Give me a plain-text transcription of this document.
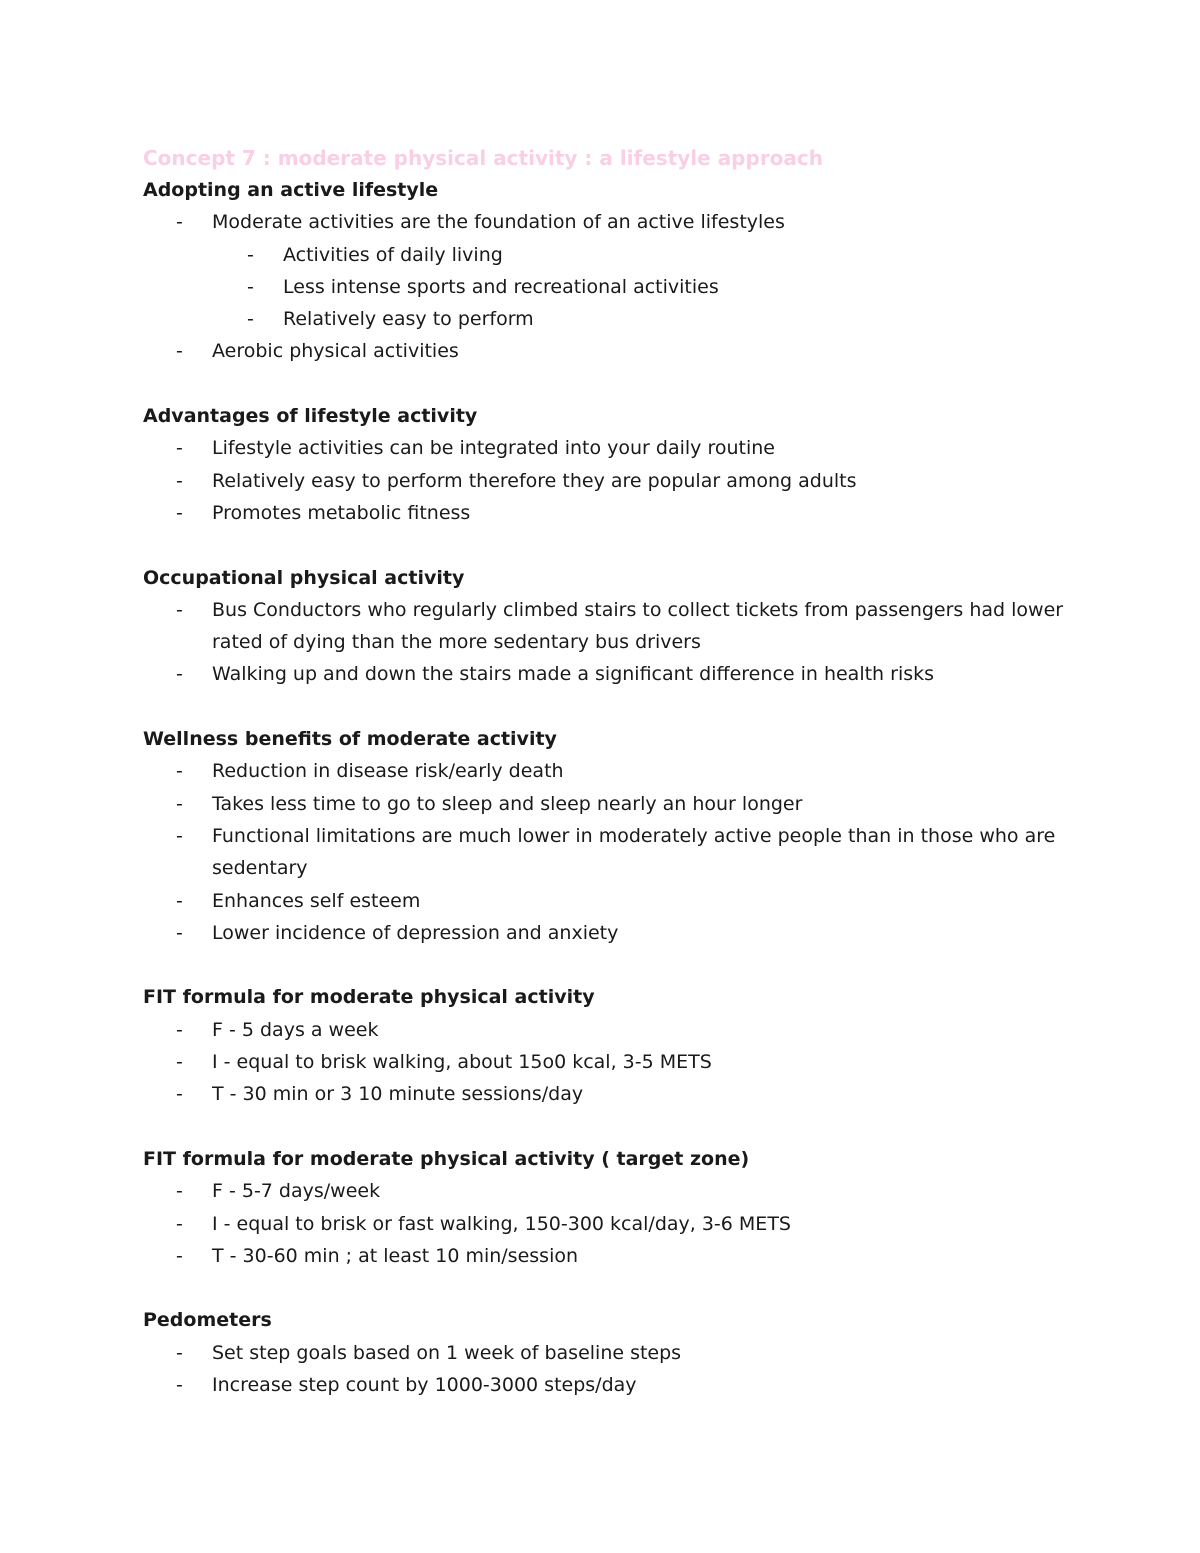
Concept 7 : moderate physical activity : a lifestyle approach
Adopting an active lifestyle
- Moderate activities are the foundation of an active lifestyles
- Activities of daily living
- Less intense sports and recreational activities
- Relatively easy to perform
- Aerobic physical activities
Advantages of lifestyle activity
- Lifestyle activities can be integrated into your daily routine
- Relatively easy to perform therefore they are popular among adults
- Promotes metabolic fitness
Occupational physical activity
- Bus Conductors who regularly climbed stairs to collect tickets from passengers had lower rated of dying than the more sedentary bus drivers
- Walking up and down the stairs made a significant difference in health risks
Wellness benefits of moderate activity
- Reduction in disease risk/early death
- Takes less time to go to sleep and sleep nearly an hour longer
- Functional limitations are much lower in moderately active people than in those who are sedentary
- Enhances self esteem
- Lower incidence of depression and anxiety
FIT formula for moderate physical activity
- F - 5 days a week
- I - equal to brisk walking, about 15o0 kcal, 3-5 METS
- T - 30 min or 3 10 minute sessions/day
FIT formula for moderate physical activity ( target zone)
- F - 5-7 days/week
- I - equal to brisk or fast walking, 150-300 kcal/day, 3-6 METS
- T - 30-60 min ; at least 10 min/session
Pedometers
- Set step goals based on 1 week of baseline steps
- Increase step count by 1000-3000 steps/day
